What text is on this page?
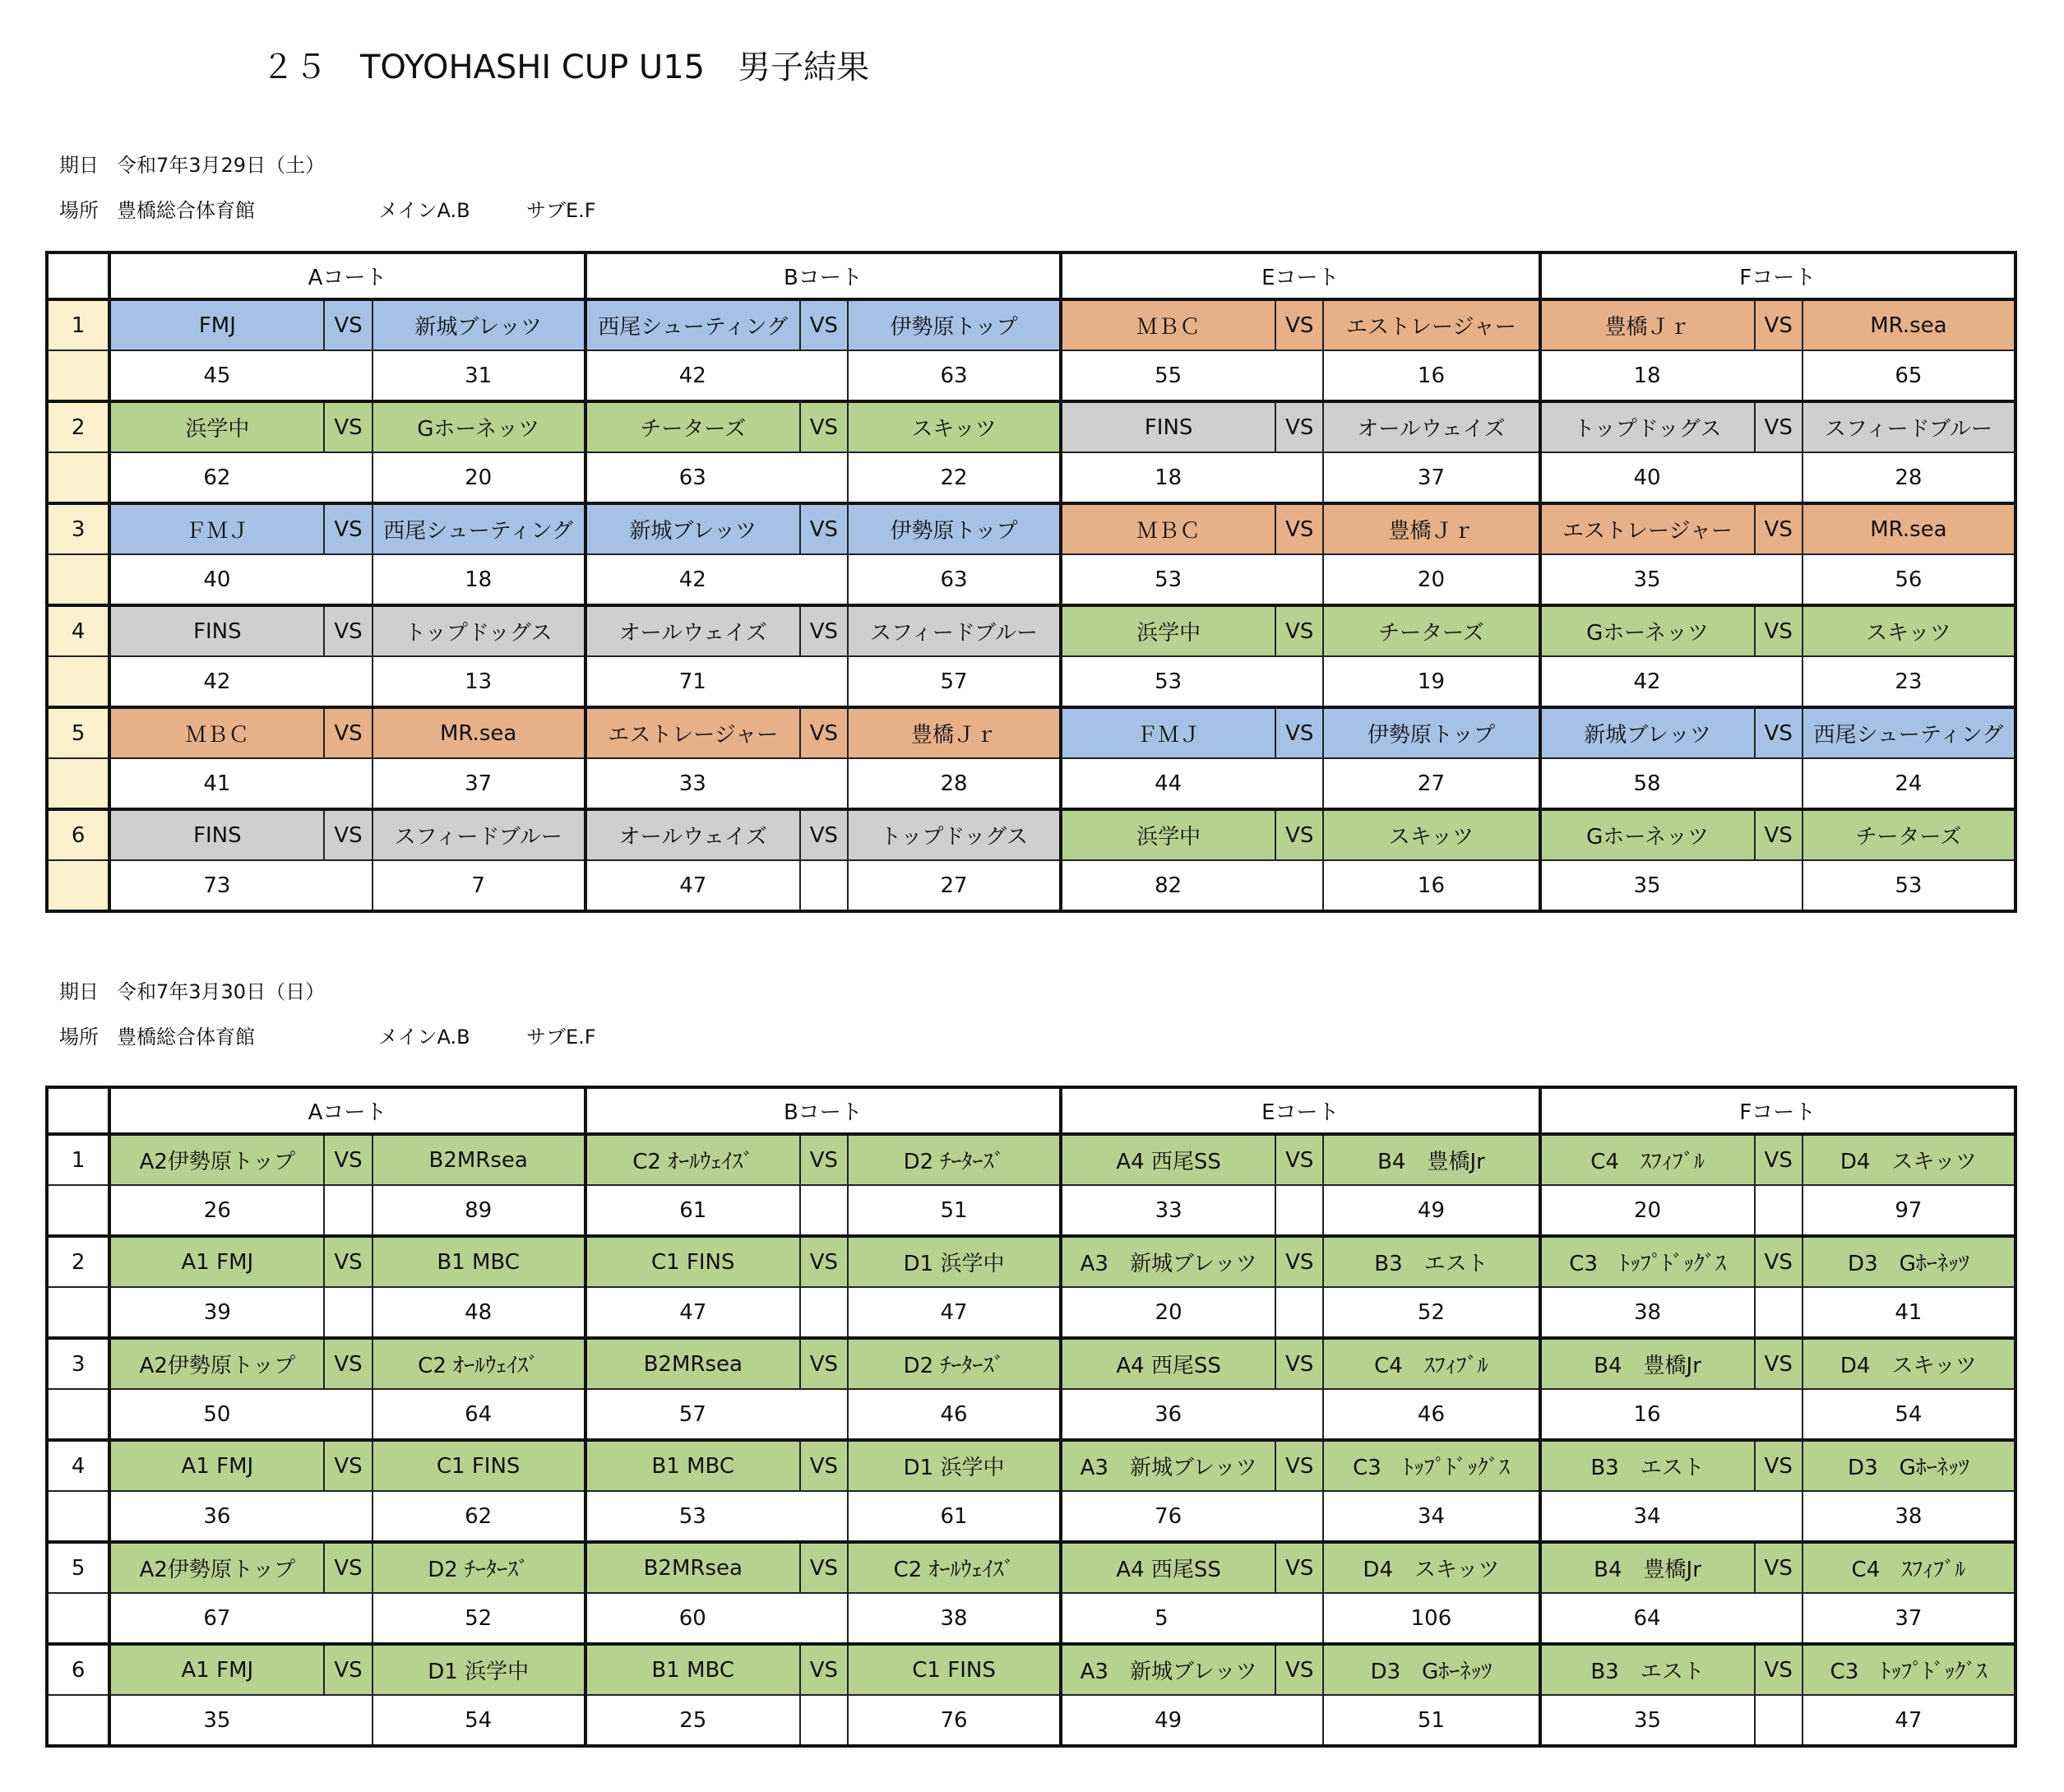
２５　TOYOHASHI CUP U15　男子結果
期日 令和7年3月29日（土）
場所 豊橋総合体育館	メインA.B	サブE.F
	Aコート			Bコート			Eコート			Fコート		
1	FMJ	VS	新城ブレッツ	西尾シューティング	VS	伊勢原トップ	ＭＢＣ	VS	エストレージャー	豊橋Ｊｒ	VS	MR.sea
	45		31	42		63	55		16	18		65
2	浜学中	VS	Gホーネッツ	チーターズ	VS	スキッツ	FINS	VS	オールウェイズ	トップドッグス	VS	スフィードブルー
	62		20	63		22	18		37	40		28
3	ＦＭＪ	VS	西尾シューティング	新城ブレッツ	VS	伊勢原トップ	ＭＢＣ	VS	豊橋Ｊｒ	エストレージャー	VS	MR.sea
	40		18	42		63	53		20	35		56
4	FINS	VS	トップドッグス	オールウェイズ	VS	スフィードブルー	浜学中	VS	チーターズ	Gホーネッツ	VS	スキッツ
	42		13	71		57	53		19	42		23
5	ＭＢＣ	VS	MR.sea	エストレージャー	VS	豊橋Ｊｒ	ＦＭＪ	VS	伊勢原トップ	新城ブレッツ	VS	西尾シューティング
	41		37	33		28	44		27	58		24
6	FINS	VS	スフィードブルー	オールウェイズ	VS	トップドッグス	浜学中	VS	スキッツ	Gホーネッツ	VS	チーターズ
	73		7	47		27	82		16	35		53
期日 令和7年3月30日（日）
場所 豊橋総合体育館	メインA.B	サブE.F
	Aコート			Bコート			Eコート			Fコート		
1	A2伊勢原トップ	VS	B2MRsea	C2 ｵｰﾙｳｪｲｽﾞ	VS	D2 ﾁｰﾀｰｽﾞ	A4 西尾SS	VS	B4　豊橋Jr	C4　ｽﾌｨﾌﾞﾙ	VS	D4　スキッツ
	26		89	61		51	33		49	20		97
2	A1 FMJ	VS	B1 MBC	C1 FINS	VS	D1 浜学中	A3　新城ブレッツ	VS	B3　エスト	C3　ﾄｯﾌﾟﾄﾞｯｸﾞｽ	VS	D3　Gﾎｰﾈｯﾂ
	39		48	47		47	20		52	38		41
3	A2伊勢原トップ	VS	C2 ｵｰﾙｳｪｲｽﾞ	B2MRsea	VS	D2 ﾁｰﾀｰｽﾞ	A4 西尾SS	VS	C4　ｽﾌｨﾌﾞﾙ	B4　豊橋Jr	VS	D4　スキッツ
	50		64	57		46	36		46	16		54
4	A1 FMJ	VS	C1 FINS	B1 MBC	VS	D1 浜学中	A3　新城ブレッツ	VS	C3　ﾄｯﾌﾟﾄﾞｯｸﾞｽ	B3　エスト	VS	D3　Gﾎｰﾈｯﾂ
	36		62	53		61	76		34	34		38
5	A2伊勢原トップ	VS	D2 ﾁｰﾀｰｽﾞ	B2MRsea	VS	C2 ｵｰﾙｳｪｲｽﾞ	A4 西尾SS	VS	D4　スキッツ	B4　豊橋Jr	VS	C4　ｽﾌｨﾌﾞﾙ
	67		52	60		38	5		106	64		37
6	A1 FMJ	VS	D1 浜学中	B1 MBC	VS	C1 FINS	A3　新城ブレッツ	VS	D3　Gﾎｰﾈｯﾂ	B3　エスト	VS	C3　ﾄｯﾌﾟﾄﾞｯｸﾞｽ
	35		54	25		76	49		51	35		47
